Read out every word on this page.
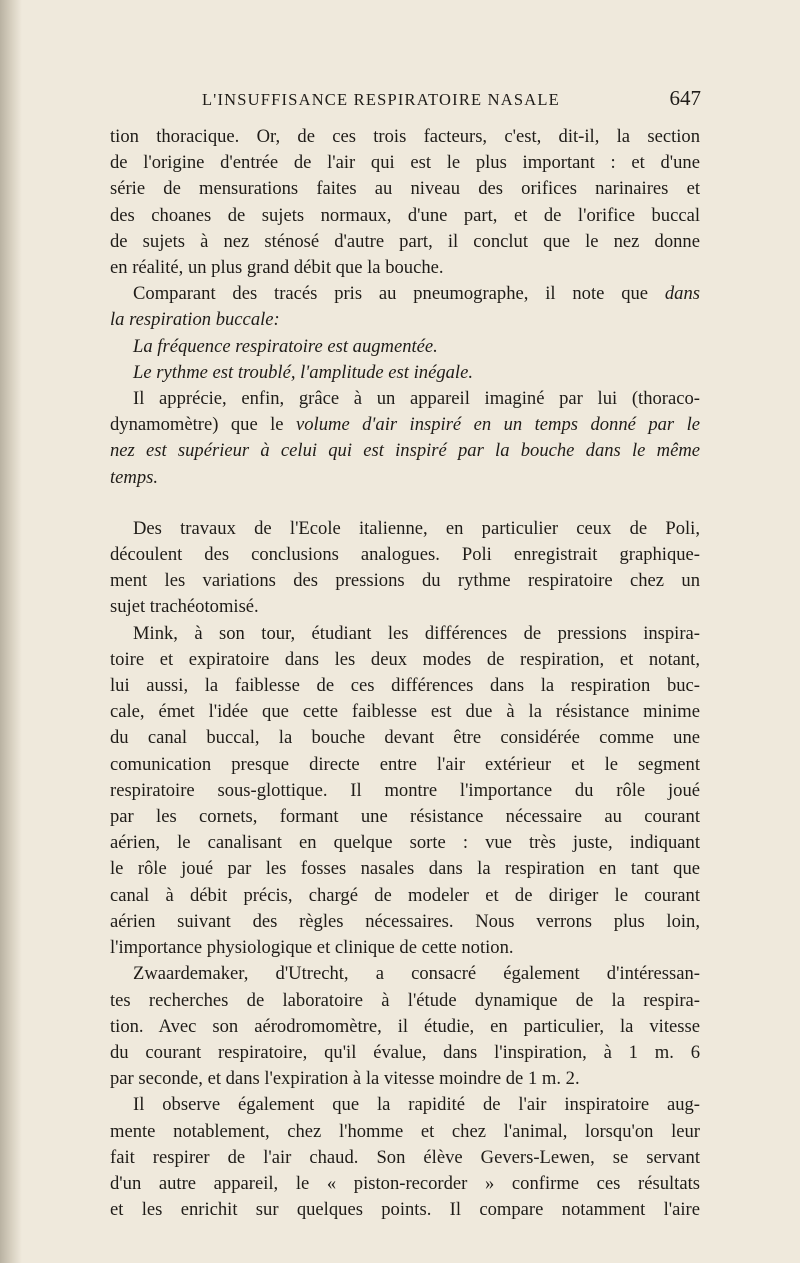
L'INSUFFISANCE RESPIRATOIRE NASALE	647

tion thoracique. Or, de ces trois facteurs, c'est, dit-il, la section

de l'origine d'entrée de l'air qui est le plus important : et d'une

série de mensurations faites au niveau des orifices narinaires et

des choanes de sujets normaux, d'une part, et de l'orifice buccal

de sujets à nez sténosé d'autre part, il conclut que le nez donne

en réalité, un plus grand débit que la bouche.

Comparant des tracés pris au pneumographe, il note que dans

la respiration buccale:

La fréquence respiratoire est augmentée.

Le rythme est troublé, l'amplitude est inégale.

Il apprécie, enfin, grâce à un appareil imaginé par lui (thoraco-

dynamomètre) que le volume d'air inspiré en un temps donné par le

nez est supérieur à celui qui est inspiré par la bouche dans le même

temps.

Des travaux de l'Ecole italienne, en particulier ceux de Poli,

découlent des conclusions analogues. Poli enregistrait graphique-

ment les variations des pressions du rythme respiratoire chez un

sujet trachéotomisé.

Mink, à son tour, étudiant les différences de pressions inspira-

toire et expiratoire dans les deux modes de respiration, et notant,

lui aussi, la faiblesse de ces différences dans la respiration buc-

cale, émet l'idée que cette faiblesse est due à la résistance minime

du canal buccal, la bouche devant être considérée comme une

comunication presque directe entre l'air extérieur et le segment

respiratoire sous-glottique. Il montre l'importance du rôle joué

par les cornets, formant une résistance nécessaire au courant

aérien, le canalisant en quelque sorte : vue très juste, indiquant

le rôle joué par les fosses nasales dans la respiration en tant que

canal à débit précis, chargé de modeler et de diriger le courant

aérien suivant des règles nécessaires. Nous verrons plus loin,

l'importance physiologique et clinique de cette notion.

Zwaardemaker, d'Utrecht, a consacré également d'intéressan-

tes recherches de laboratoire à l'étude dynamique de la respira-

tion. Avec son aérodromomètre, il étudie, en particulier, la vitesse

du courant respiratoire, qu'il évalue, dans l'inspiration, à 1 m. 6

par seconde, et dans l'expiration à la vitesse moindre de 1 m. 2.

Il observe également que la rapidité de l'air inspiratoire aug-

mente notablement, chez l'homme et chez l'animal, lorsqu'on leur

fait respirer de l'air chaud. Son élève Gevers-Lewen, se servant

d'un autre appareil, le « piston-recorder » confirme ces résultats

et les enrichit sur quelques points. Il compare notamment l'aire
